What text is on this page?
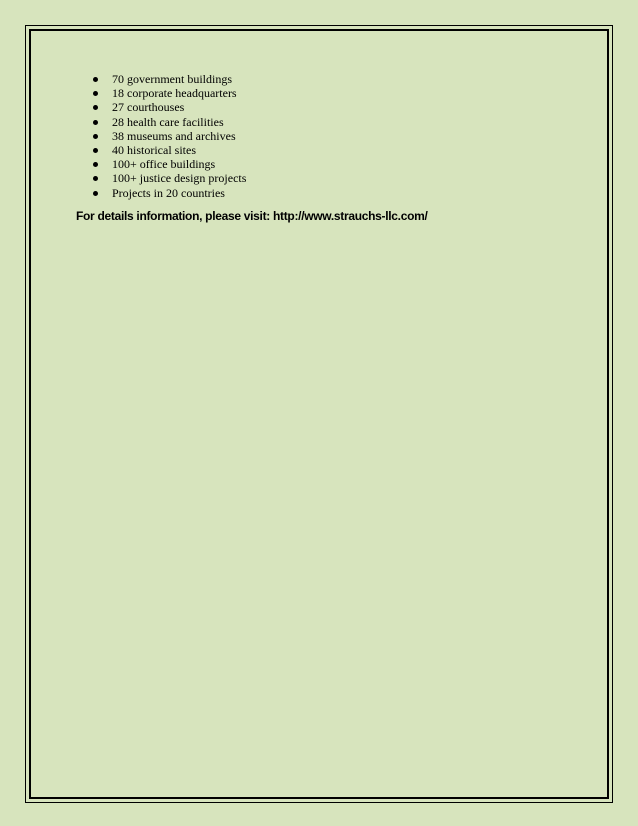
70 government buildings
18 corporate headquarters
27 courthouses
28 health care facilities
38 museums and archives
40 historical sites
100+ office buildings
100+ justice design projects
Projects in 20 countries

For details information, please visit: http://www.strauchs-llc.com/
